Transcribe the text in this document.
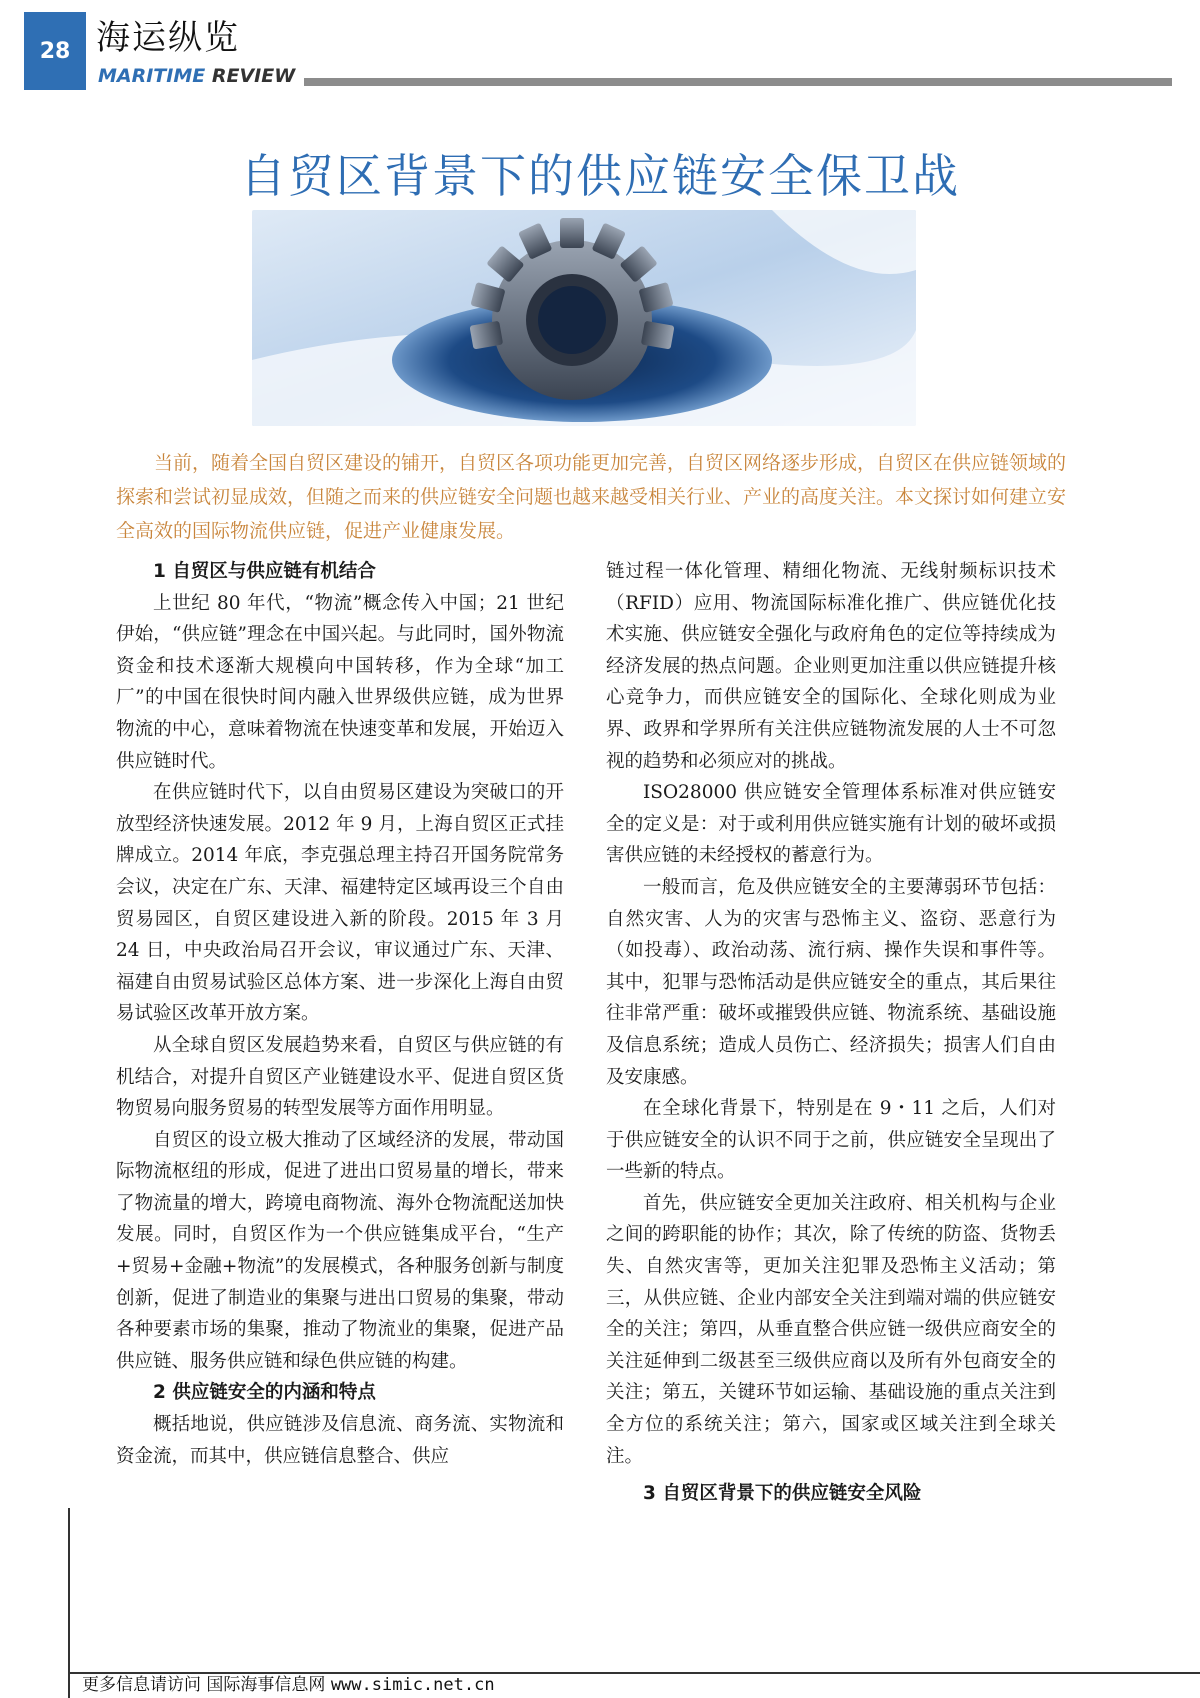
28 海运纵览
MARITIME REVIEW
自贸区背景下的供应链安全保卫战
当前，随着全国自贸区建设的铺开，自贸区各项功能更加完善，自贸区网络逐步形成，自贸区在供应链领域的探索和尝试初显成效，但随之而来的供应链安全问题也越来越受相关行业、产业的高度关注。本文探讨如何建立安全高效的国际物流供应链，促进产业健康发展。
1 自贸区与供应链有机结合

上世纪 80 年代，“物流”概念传入中国；21 世纪伊始，“供应链”理念在中国兴起。与此同时，国外物流资金和技术逐渐大规模向中国转移，作为全球“加工厂”的中国在很快时间内融入世界级供应链，成为世界物流的中心，意味着物流在快速变革和发展，开始迈入供应链时代。

在供应链时代下，以自由贸易区建设为突破口的开放型经济快速发展。2012 年 9 月，上海自贸区正式挂牌成立。2014 年底，李克强总理主持召开国务院常务会议，决定在广东、天津、福建特定区域再设三个自由贸易园区，自贸区建设进入新的阶段。2015 年 3 月 24 日，中央政治局召开会议，审议通过广东、天津、福建自由贸易试验区总体方案、进一步深化上海自由贸易试验区改革开放方案。

从全球自贸区发展趋势来看，自贸区与供应链的有机结合，对提升自贸区产业链建设水平、促进自贸区货物贸易向服务贸易的转型发展等方面作用明显。

自贸区的设立极大推动了区域经济的发展，带动国际物流枢纽的形成，促进了进出口贸易量的增长，带来了物流量的增大，跨境电商物流、海外仓物流配送加快发展。同时，自贸区作为一个供应链集成平台，“生产+贸易+金融+物流”的发展模式，各种服务创新与制度创新，促进了制造业的集聚与进出口贸易的集聚，带动各种要素市场的集聚，推动了物流业的集聚，促进产品供应链、服务供应链和绿色供应链的构建。

2 供应链安全的内涵和特点

概括地说，供应链涉及信息流、商务流、实物流和资金流，而其中，供应链信息整合、供应

链过程一体化管理、精细化物流、无线射频标识技术（RFID）应用、物流国际标准化推广、供应链优化技术实施、供应链安全强化与政府角色的定位等持续成为经济发展的热点问题。企业则更加注重以供应链提升核心竞争力，而供应链安全的国际化、全球化则成为业界、政界和学界所有关注供应链物流发展的人士不可忽视的趋势和必须应对的挑战。

ISO28000 供应链安全管理体系标准对供应链安全的定义是：对于或利用供应链实施有计划的破坏或损害供应链的未经授权的蓄意行为。

一般而言，危及供应链安全的主要薄弱环节包括：自然灾害、人为的灾害与恐怖主义、盗窃、恶意行为（如投毒）、政治动荡、流行病、操作失误和事件等。其中，犯罪与恐怖活动是供应链安全的重点，其后果往往非常严重：破坏或摧毁供应链、物流系统、基础设施及信息系统；造成人员伤亡、经济损失；损害人们自由及安康感。

在全球化背景下，特别是在 9・11 之后，人们对于供应链安全的认识不同于之前，供应链安全呈现出了一些新的特点。

首先，供应链安全更加关注政府、相关机构与企业之间的跨职能的协作；其次，除了传统的防盗、货物丢失、自然灾害等，更加关注犯罪及恐怖主义活动；第三，从供应链、企业内部安全关注到端对端的供应链安全的关注；第四，从垂直整合供应链一级供应商安全的关注延伸到二级甚至三级供应商以及所有外包商安全的关注；第五，关键环节如运输、基础设施的重点关注到全方位的系统关注；第六，国家或区域关注到全球关注。

3 自贸区背景下的供应链安全风险
更多信息请访问 国际海事信息网 www.simic.net.cn
